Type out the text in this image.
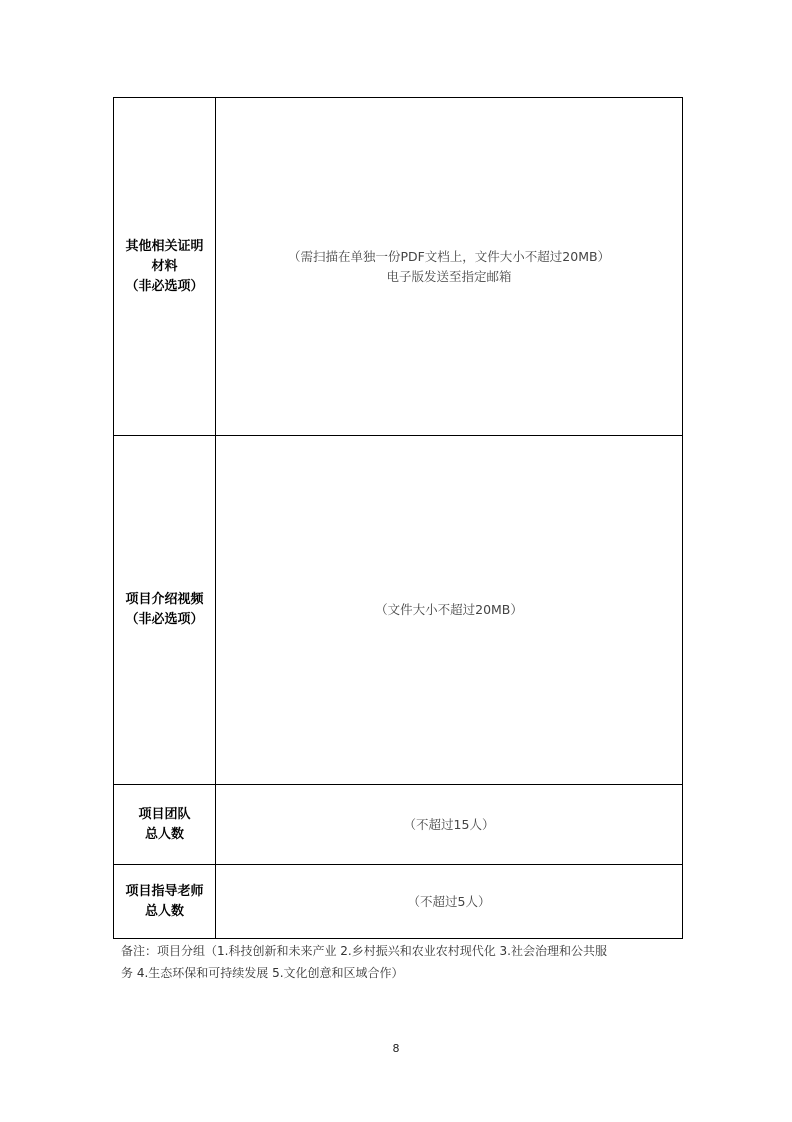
其他相关证明
材料
（非必选项）	（需扫描在单独一份PDF文档上，文件大小不超过20MB）
电子版发送至指定邮箱

项目介绍视频
（非必选项）	（文件大小不超过20MB）

项目团队
总人数	（不超过15人）

项目指导老师
总人数	（不超过5人）
备注：项目分组（1.科技创新和未来产业 2.乡村振兴和农业农村现代化 3.社会治理和公共服
务 4.生态环保和可持续发展 5.文化创意和区域合作）
8
